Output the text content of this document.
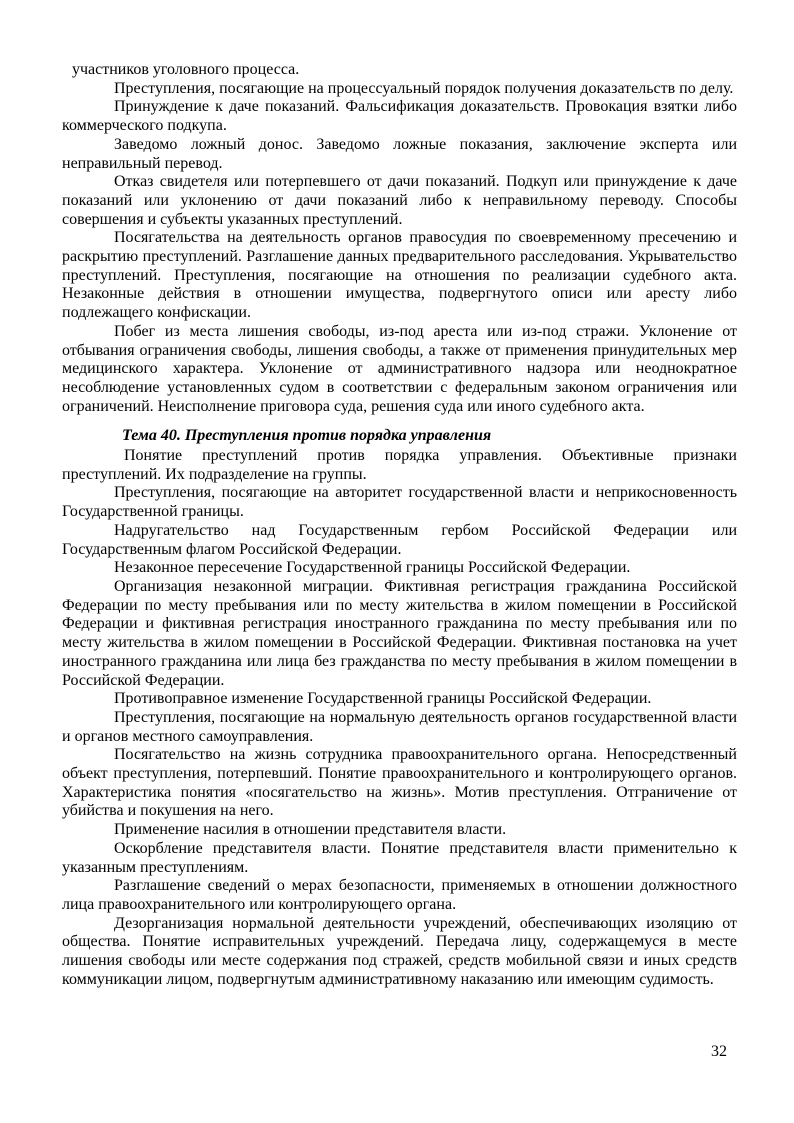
участников уголовного процесса.

Преступления, посягающие на процессуальный порядок получения доказательств по делу.

Принуждение к даче показаний. Фальсификация доказательств. Провокация взятки либо коммерческого подкупа.

Заведомо ложный донос. Заведомо ложные показания, заключение эксперта или неправильный перевод.

Отказ свидетеля или потерпевшего от дачи показаний. Подкуп или принуждение к даче показаний или уклонению от дачи показаний либо к неправильному переводу. Способы совершения и субъекты указанных преступлений.

Посягательства на деятельность органов правосудия по своевременному пресечению и раскрытию преступлений. Разглашение данных предварительного расследования. Укрывательство преступлений. Преступления, посягающие на отношения по реализации судебного акта. Незаконные действия в отношении имущества, подвергнутого описи или аресту либо подлежащего конфискации.

Побег из места лишения свободы, из-под ареста или из-под стражи. Уклонение от отбывания ограничения свободы, лишения свободы, а также от применения принудительных мер медицинского характера. Уклонение от административного надзора или неоднократное несоблюдение установленных судом в соответствии с федеральным законом ограничения или ограничений. Неисполнение приговора суда, решения суда или иного судебного акта.

Тема 40. Преступления против порядка управления

Понятие преступлений против порядка управления. Объективные признаки преступлений. Их подразделение на группы.

Преступления, посягающие на авторитет государственной власти и неприкосновенность Государственной границы.

Надругательство над Государственным гербом Российской Федерации или Государственным флагом Российской Федерации.

Незаконное пересечение Государственной границы Российской Федерации.

Организация незаконной миграции. Фиктивная регистрация гражданина Российской Федерации по месту пребывания или по месту жительства в жилом помещении в Российской Федерации и фиктивная регистрация иностранного гражданина по месту пребывания или по месту жительства в жилом помещении в Российской Федерации. Фиктивная постановка на учет иностранного гражданина или лица без гражданства по месту пребывания в жилом помещении в Российской Федерации.

Противоправное изменение Государственной границы Российской Федерации.

Преступления, посягающие на нормальную деятельность органов государственной власти и органов местного самоуправления.

Посягательство на жизнь сотрудника правоохранительного органа. Непосредственный объект преступления, потерпевший. Понятие правоохранительного и контролирующего органов. Характеристика понятия «посягательство на жизнь». Мотив преступления. Отграничение от убийства и покушения на него.

Применение насилия в отношении представителя власти.

Оскорбление представителя власти. Понятие представителя власти применительно к указанным преступлениям.

Разглашение сведений о мерах безопасности, применяемых в отношении должностного лица правоохранительного или контролирующего органа.

Дезорганизация нормальной деятельности учреждений, обеспечивающих изоляцию от общества. Понятие исправительных учреждений. Передача лицу, содержащемуся в месте лишения свободы или месте содержания под стражей, средств мобильной связи и иных средств коммуникации лицом, подвергнутым административному наказанию или имеющим судимость.

32
